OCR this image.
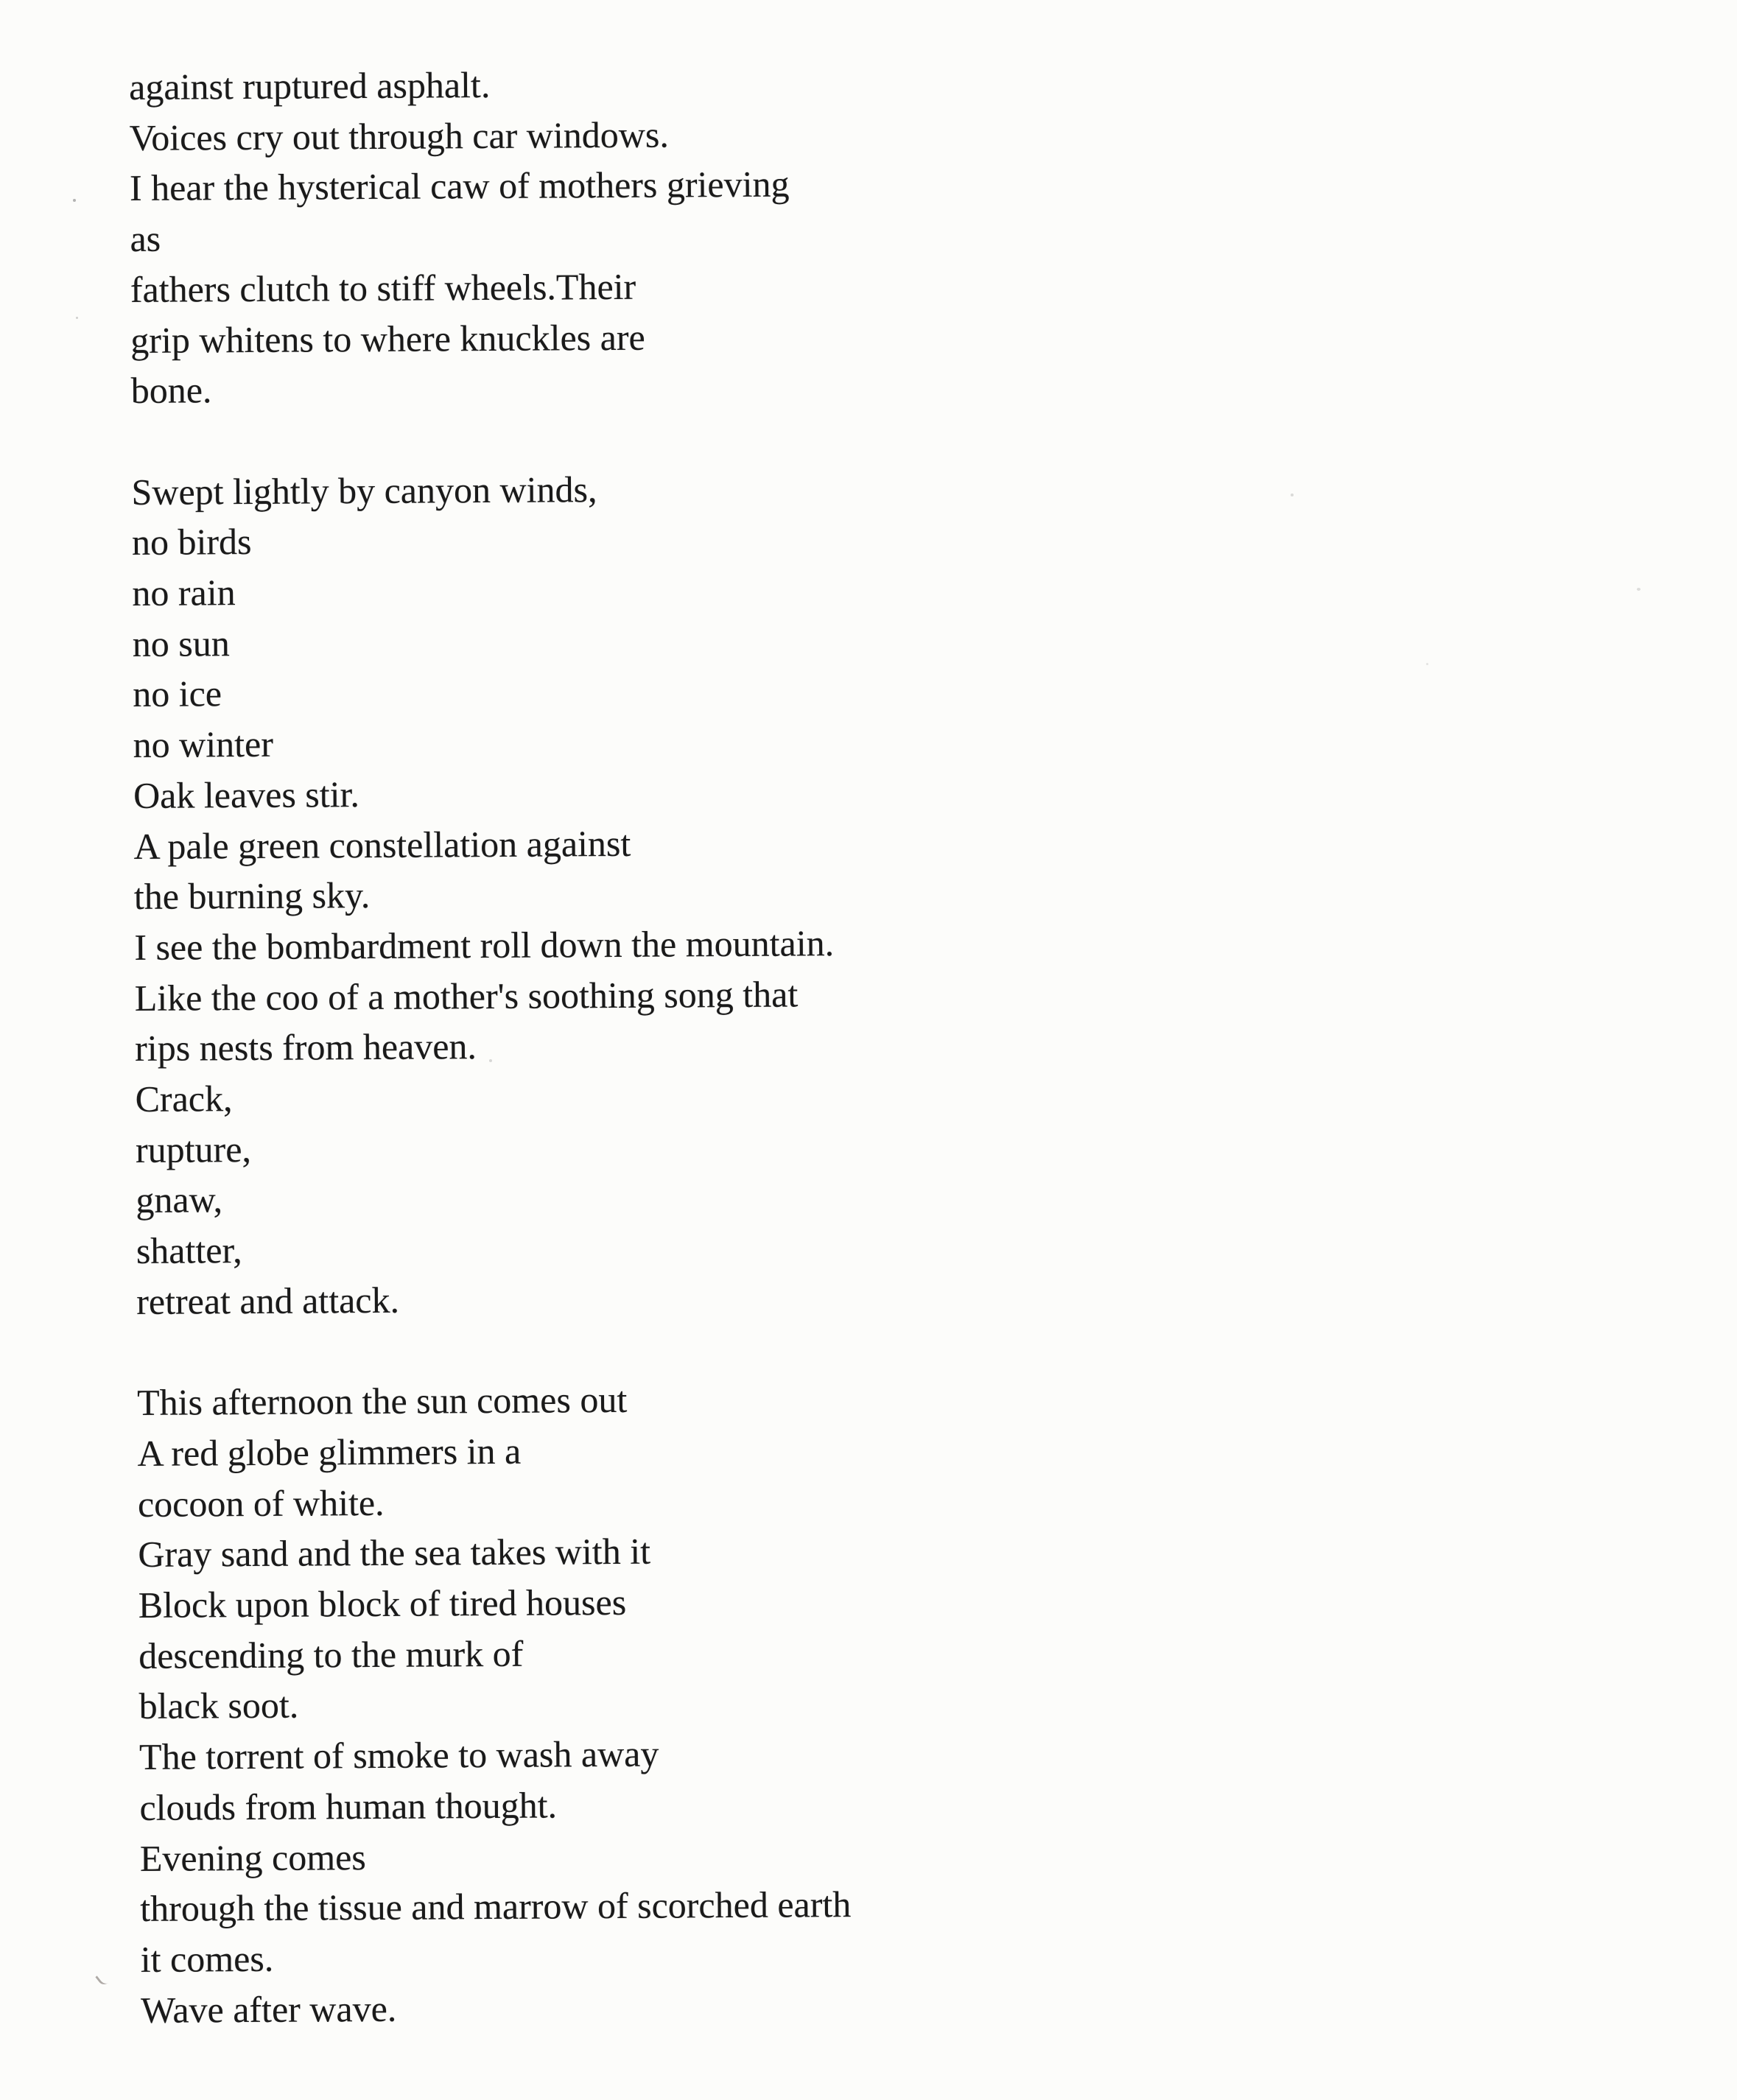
against ruptured asphalt.
Voices cry out through car windows.
I hear the hysterical caw of mothers grieving
as
fathers clutch to stiff wheels.Their
grip whitens to where knuckles are
bone.
Swept lightly by canyon winds,
no birds
no rain
no sun
no ice
no winter
Oak leaves stir.
A pale green constellation against
the burning sky.
I see the bombardment roll down the mountain.
Like the coo of a mother's soothing song that
rips nests from heaven.
Crack,
rupture,
gnaw,
shatter,
retreat and attack.
This afternoon the sun comes out
A red globe glimmers in a
cocoon of white.
Gray sand and the sea takes with it
Block upon block of tired houses
descending to the murk of
black soot.
The torrent of smoke to wash away
clouds from human thought.
Evening comes
through the tissue and marrow of scorched earth
it comes.
Wave after wave.
